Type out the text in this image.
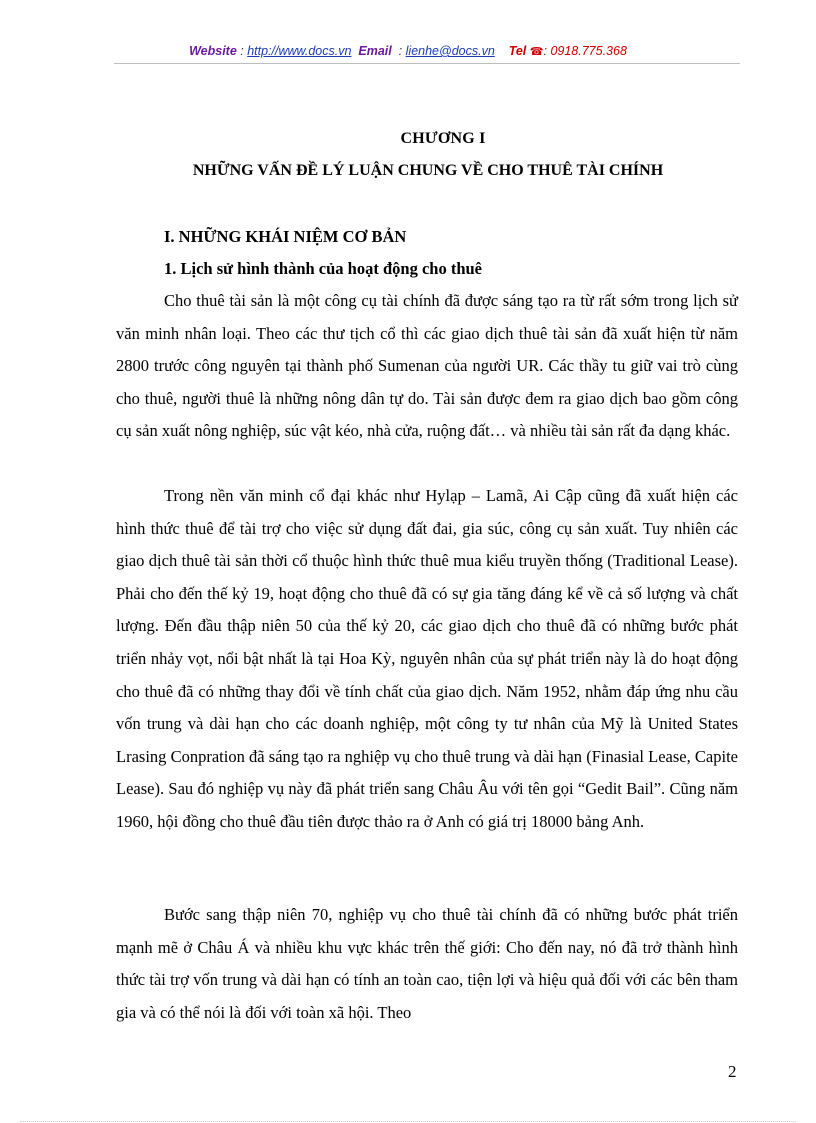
Website : http://www.docs.vn Email  : lienhe@docs.vn Tel ☎: 0918.775.368
CHƯƠNG I
NHỮNG VẤN ĐỀ LÝ LUẬN CHUNG VỀ CHO THUÊ TÀI CHÍNH
I. NHỮNG KHÁI NIỆM CƠ BẢN
1. Lịch sử hình thành của hoạt động cho thuê

Cho thuê tài sản là một công cụ tài chính đã được sáng tạo ra từ rất sớm trong lịch sử văn minh nhân loại. Theo các thư tịch cổ thì các giao dịch thuê tài sản đã xuất hiện từ năm 2800 trước công nguyên tại thành phố Sumenan của người UR. Các thầy tu giữ vai trò cùng cho thuê, người thuê là những nông dân tự do. Tài sản được đem ra giao dịch bao gồm công cụ sản xuất nông nghiệp, súc vật kéo, nhà cửa, ruộng đất… và nhiều tài sản rất đa dạng khác.

Trong nền văn minh cổ đại khác như Hylạp – Lamã, Ai Cập cũng đã xuất hiện các hình thức thuê để tài trợ cho việc sử dụng đất đai, gia súc, công cụ sản xuất. Tuy nhiên các giao dịch thuê tài sản thời cổ thuộc hình thức thuê mua kiểu truyền thống (Traditional Lease). Phải cho đến thế kỷ 19, hoạt động cho thuê đã có sự gia tăng đáng kể về cả số lượng và chất lượng. Đến đầu thập niên 50 của thế kỷ 20, các giao dịch cho thuê đã có những bước phát triển nhảy vọt, nổi bật nhất là tại Hoa Kỳ, nguyên nhân của sự phát triển này là do hoạt động cho thuê đã có những thay đổi về tính chất của giao dịch. Năm 1952, nhằm đáp ứng nhu cầu vốn trung và dài hạn cho các doanh nghiệp, một công ty tư nhân của Mỹ là United States Lrasing Conpration đã sáng tạo ra nghiệp vụ cho thuê trung và dài hạn (Finasial Lease, Capite Lease). Sau đó nghiệp vụ này đã phát triển sang Châu Âu với tên gọi “Gedit Bail”. Cũng năm 1960, hội đồng cho thuê đầu tiên được thảo ra ở Anh có giá trị 18000 bảng Anh.

Bước sang thập niên 70, nghiệp vụ cho thuê tài chính đã có những bước phát triển mạnh mẽ ở Châu Á và nhiều khu vực khác trên thế giới: Cho đến nay, nó đã trở thành hình thức tài trợ vốn trung và dài hạn có tính an toàn cao, tiện lợi và hiệu quả đối với các bên tham gia và có thể nói là đối với toàn xã hội. Theo

2
